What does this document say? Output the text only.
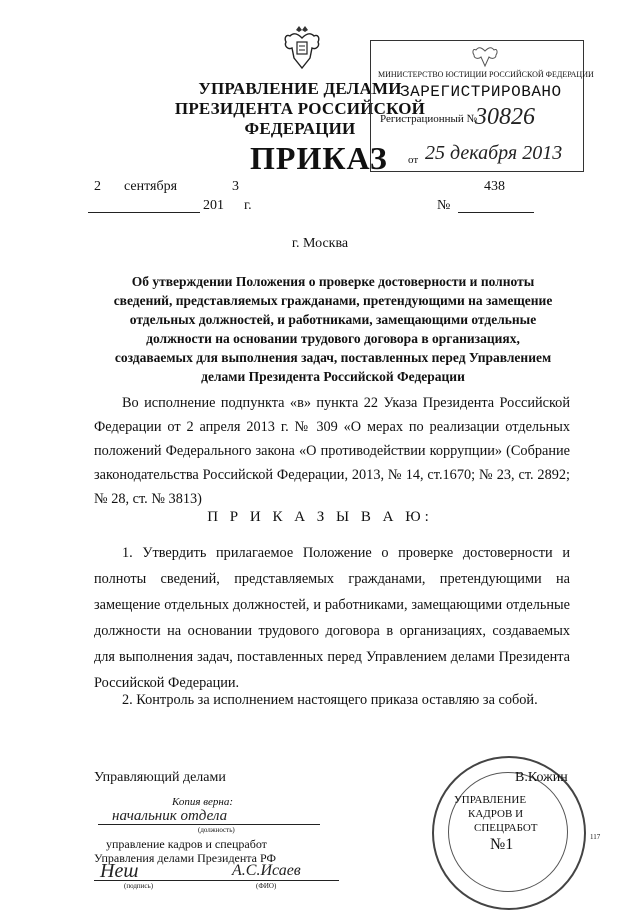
УПРАВЛЕНИЕ ДЕЛАМИ
ПРЕЗИДЕНТА РОССИЙСКОЙ ФЕДЕРАЦИИ
МИНИСТЕРСТВО ЮСТИЦИИ РОССИЙСКОЙ ФЕДЕРАЦИИ
ЗАРЕГИСТРИРОВАНО
Регистрационный №
30826
от 25 декабря 2013
ПРИКАЗ
2 сентября	3
201 г.
438
№
г. Москва
Об утверждении Положения о проверке достоверности и полноты сведений, представляемых гражданами, претендующими на замещение отдельных должностей, и работниками, замещающими отдельные должности на основании трудового договора в организациях, создаваемых для выполнения задач, поставленных перед Управлением делами Президента Российской Федерации
Во исполнение подпункта «в» пункта 22 Указа Президента Российской Федерации от 2 апреля 2013 г. № 309 «О мерах по реализации отдельных положений Федерального закона «О противодействии коррупции» (Собрание законодательства Российской Федерации, 2013, № 14, ст.1670; № 23, ст. 2892; № 28, ст. № 3813)
П Р И К А З Ы В А Ю:
1. Утвердить прилагаемое Положение о проверке достоверности и полноты сведений, представляемых гражданами, претендующими на замещение отдельных должностей, и работниками, замещающими отдельные должности на основании трудового договора в организациях, создаваемых для выполнения задач, поставленных перед Управлением делами Президента Российской Федерации.
2. Контроль за исполнением настоящего приказа оставляю за собой.
Управляющий делами
УПРАВЛЕНИЕ
КАДРОВ И
СПЕЦРАБОТ
№1
В.Кожин
Копия верна:
начальник отдела
(должность)
управление кадров и спецработ
Управления делами Президента РФ
Неш	А.С.Исаев
(подпись)	(ФИО)
117
